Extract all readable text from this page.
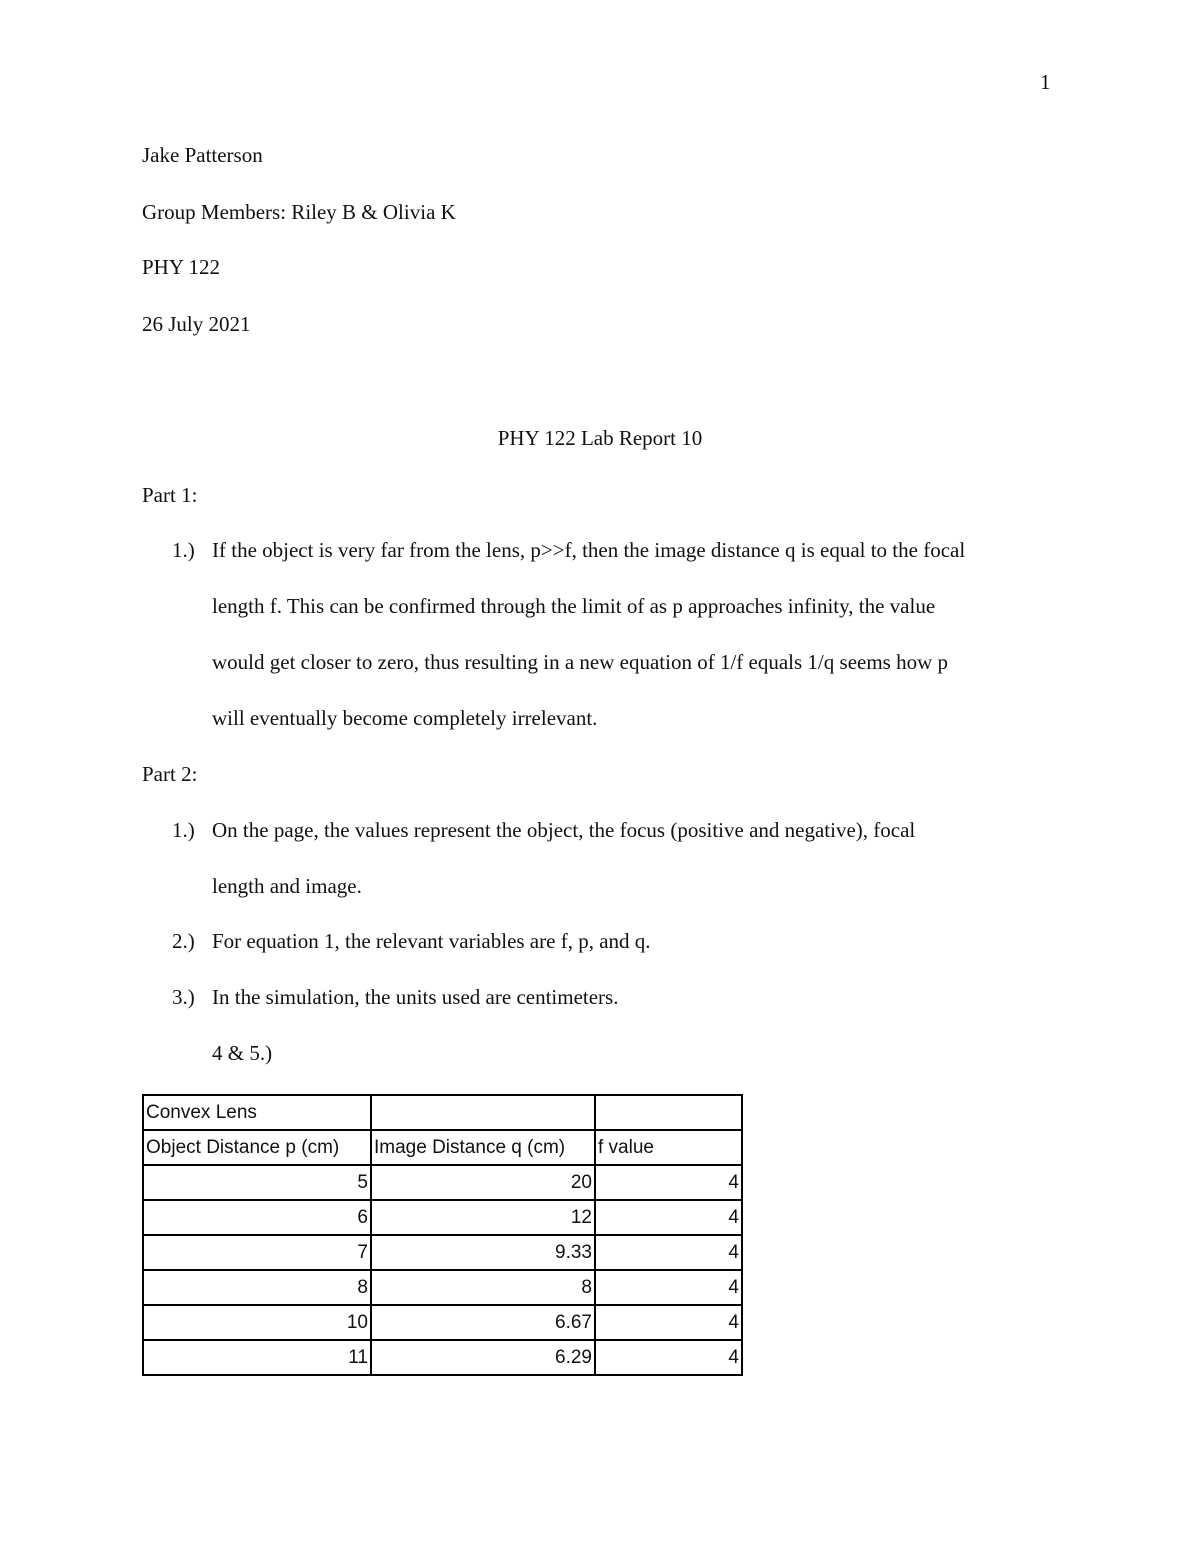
1
Jake Patterson
Group Members: Riley B & Olivia K
PHY 122
26 July 2021
PHY 122 Lab Report 10
Part 1:
1.) If the object is very far from the lens, p>>f, then the image distance q is equal to the focal
length f. This can be confirmed through the limit of as p approaches infinity, the value
would get closer to zero, thus resulting in a new equation of 1/f equals 1/q seems how p
will eventually become completely irrelevant.
Part 2:
1.) On the page, the values represent the object, the focus (positive and negative), focal
length and image.
2.) For equation 1, the relevant variables are f, p, and q.
3.) In the simulation, the units used are centimeters.
4 & 5.)
Convex Lens		
Object Distance p (cm)	Image Distance q (cm)	f value
5	20	4
6	12	4
7	9.33	4
8	8	4
10	6.67	4
11	6.29	4
